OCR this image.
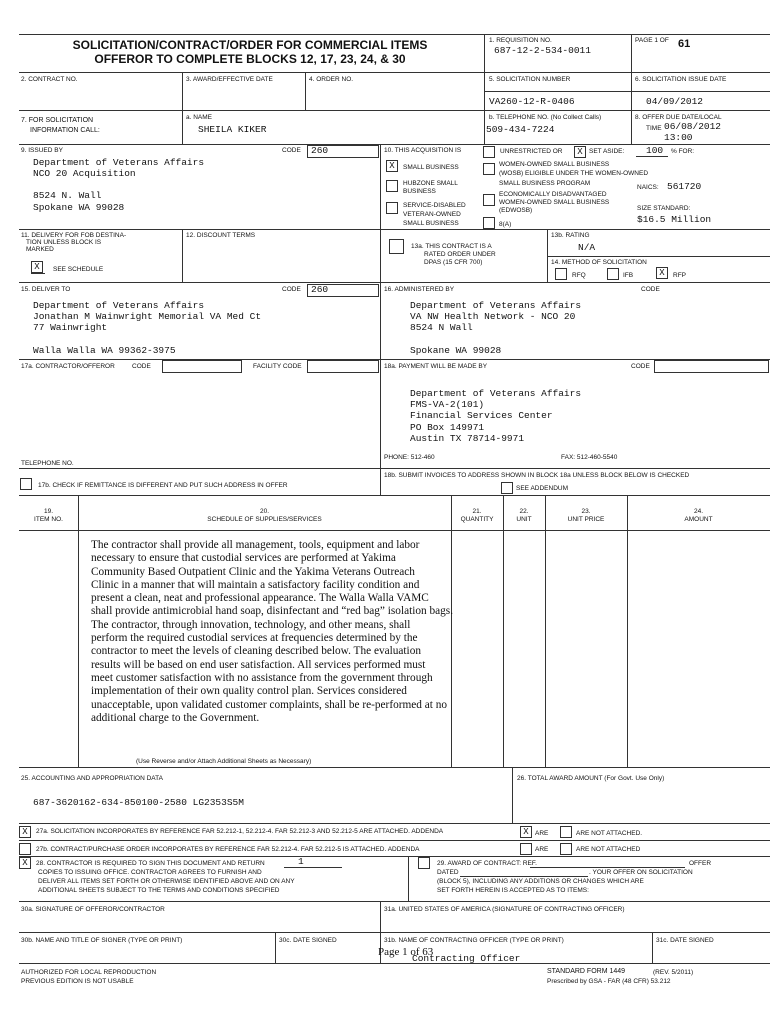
SOLICITATION/CONTRACT/ORDER FOR COMMERCIAL ITEMS
OFFEROR TO COMPLETE BLOCKS 12, 17, 23, 24, & 30
1. REQUISITION NO.
687-12-2-534-0011
PAGE 1 OF 61
2. CONTRACT NO.	3. AWARD/EFFECTIVE DATE	4. ORDER NO.	5. SOLICITATION NUMBER	6. SOLICITATION ISSUE DATE
VA260-12-R-0406	04/09/2012
7. FOR SOLICITATION
INFORMATION CALL:
a. NAME
SHEILA KIKER
b. TELEPHONE NO. (No Collect Calls)
509-434-7224
8. OFFER DUE DATE/LOCAL
TIME 06/08/2012
13:00
9. ISSUED BY	CODE 260
Department of Veterans Affairs
NCO 20 Acquisition
8524 N. Wall
Spokane WA 99028
10. THIS ACQUISITION IS	UNRESTRICTED OR	X SET ASIDE: 100 % FOR:
X	SMALL BUSINESS
HUBZONE SMALL
BUSINESS
SERVICE-DISABLED
VETERAN-OWNED
SMALL BUSINESS
WOMEN-OWNED SMALL BUSINESS
(WOSB) ELIGIBLE UNDER THE WOMEN-OWNED
SMALL BUSINESS PROGRAM
ECONOMICALLY DISADVANTAGED
WOMEN-OWNED SMALL BUSINESS
(EDWOSB)
8(A)
NAICS: 561720
SIZE STANDARD:
$16.5 Million
11. DELIVERY FOR FOB DESTINA-
TION UNLESS BLOCK IS
MARKED
X	SEE SCHEDULE
12. DISCOUNT TERMS
13a. THIS CONTRACT IS A
RATED ORDER UNDER
DPAS (15 CFR 700)
13b. RATING
N/A
14. METHOD OF SOLICITATION
RFQ	IFB	X	RFP
15. DELIVER TO	CODE 260
Department of Veterans Affairs
Jonathan M Wainwright Memorial VA Med Ct
77 Wainwright
Walla Walla WA 99362-3975
16. ADMINISTERED BY	CODE
Department of Veterans Affairs
VA NW Health Network - NCO 20
8524 N Wall
Spokane WA 99028
17a. CONTRACTOR/OFFEROR	CODE	FACILITY CODE	18a. PAYMENT WILL BE MADE BY	CODE
Department of Veterans Affairs
FMS-VA-2(101)
Financial Services Center
PO Box 149971
Austin TX 78714-9971
PHONE: 512-460	FAX: 512-460-5540
TELEPHONE NO.
17b. CHECK IF REMITTANCE IS DIFFERENT AND PUT SUCH ADDRESS IN OFFER
18b. SUBMIT INVOICES TO ADDRESS SHOWN IN BLOCK 18a UNLESS BLOCK BELOW IS CHECKED
SEE ADDENDUM
19.
ITEM NO.
20.
SCHEDULE OF SUPPLIES/SERVICES
21.
QUANTITY
22.
UNIT
23.
UNIT PRICE
24.
AMOUNT
The contractor shall provide all management, tools, equipment and labor
necessary to ensure that custodial services are performed at Yakima
Community Based Outpatient Clinic and the Yakima Veterans Outreach
Clinic in a manner that will maintain a satisfactory facility condition and
present a clean, neat and professional appearance. The Walla Walla VAMC
shall provide antimicrobial hand soap, disinfectant and “red bag” isolation bags.
The contractor, through innovation, technology, and other means, shall
perform the required custodial services at frequencies determined by the
contractor to meet the levels of cleaning described below. The evaluation
results will be based on end user satisfaction. All services performed must
meet customer satisfaction with no assistance from the government through
implementation of their own quality control plan. Services considered
unacceptable, upon validated customer complaints, shall be re-performed at no
additional charge to the Government.
(Use Reverse and/or Attach Additional Sheets as Necessary)
25. ACCOUNTING AND APPROPRIATION DATA
687-3620162-634-850100-2580 LG2353S5M
26. TOTAL AWARD AMOUNT (For Govt. Use Only)
X	27a. SOLICITATION INCORPORATES BY REFERENCE FAR 52.212-1, 52.212-4. FAR 52.212-3 AND 52.212-5 ARE ATTACHED. ADDENDA	X ARE	ARE NOT ATTACHED.
27b. CONTRACT/PURCHASE ORDER INCORPORATES BY REFERENCE FAR 52.212-4. FAR 52.212-5 IS ATTACHED. ADDENDA	ARE	ARE NOT ATTACHED
X	28. CONTRACTOR IS REQUIRED TO SIGN THIS DOCUMENT AND RETURN	1
COPIES TO ISSUING OFFICE. CONTRACTOR AGREES TO FURNISH AND
DELIVER ALL ITEMS SET FORTH OR OTHERWISE IDENTIFIED ABOVE AND ON ANY
ADDITIONAL SHEETS SUBJECT TO THE TERMS AND CONDITIONS SPECIFIED
29. AWARD OF CONTRACT: REF.	OFFER
DATED	. YOUR OFFER ON SOLICITATION
(BLOCK 5), INCLUDING ANY ADDITIONS OR CHANGES WHICH ARE
SET FORTH HEREIN IS ACCEPTED AS TO ITEMS:
30a. SIGNATURE OF OFFEROR/CONTRACTOR	31a. UNITED STATES OF AMERICA (SIGNATURE OF CONTRACTING OFFICER)
30b. NAME AND TITLE OF SIGNER (TYPE OR PRINT)	30c. DATE SIGNED	31b. NAME OF CONTRACTING OFFICER (TYPE OR PRINT)	31c. DATE SIGNED
Page 1 of 63
Contracting Officer
AUTHORIZED FOR LOCAL REPRODUCTION
PREVIOUS EDITION IS NOT USABLE
STANDARD FORM 1449	(REV. 5/2011)
Prescribed by GSA - FAR (48 CFR) 53.212
